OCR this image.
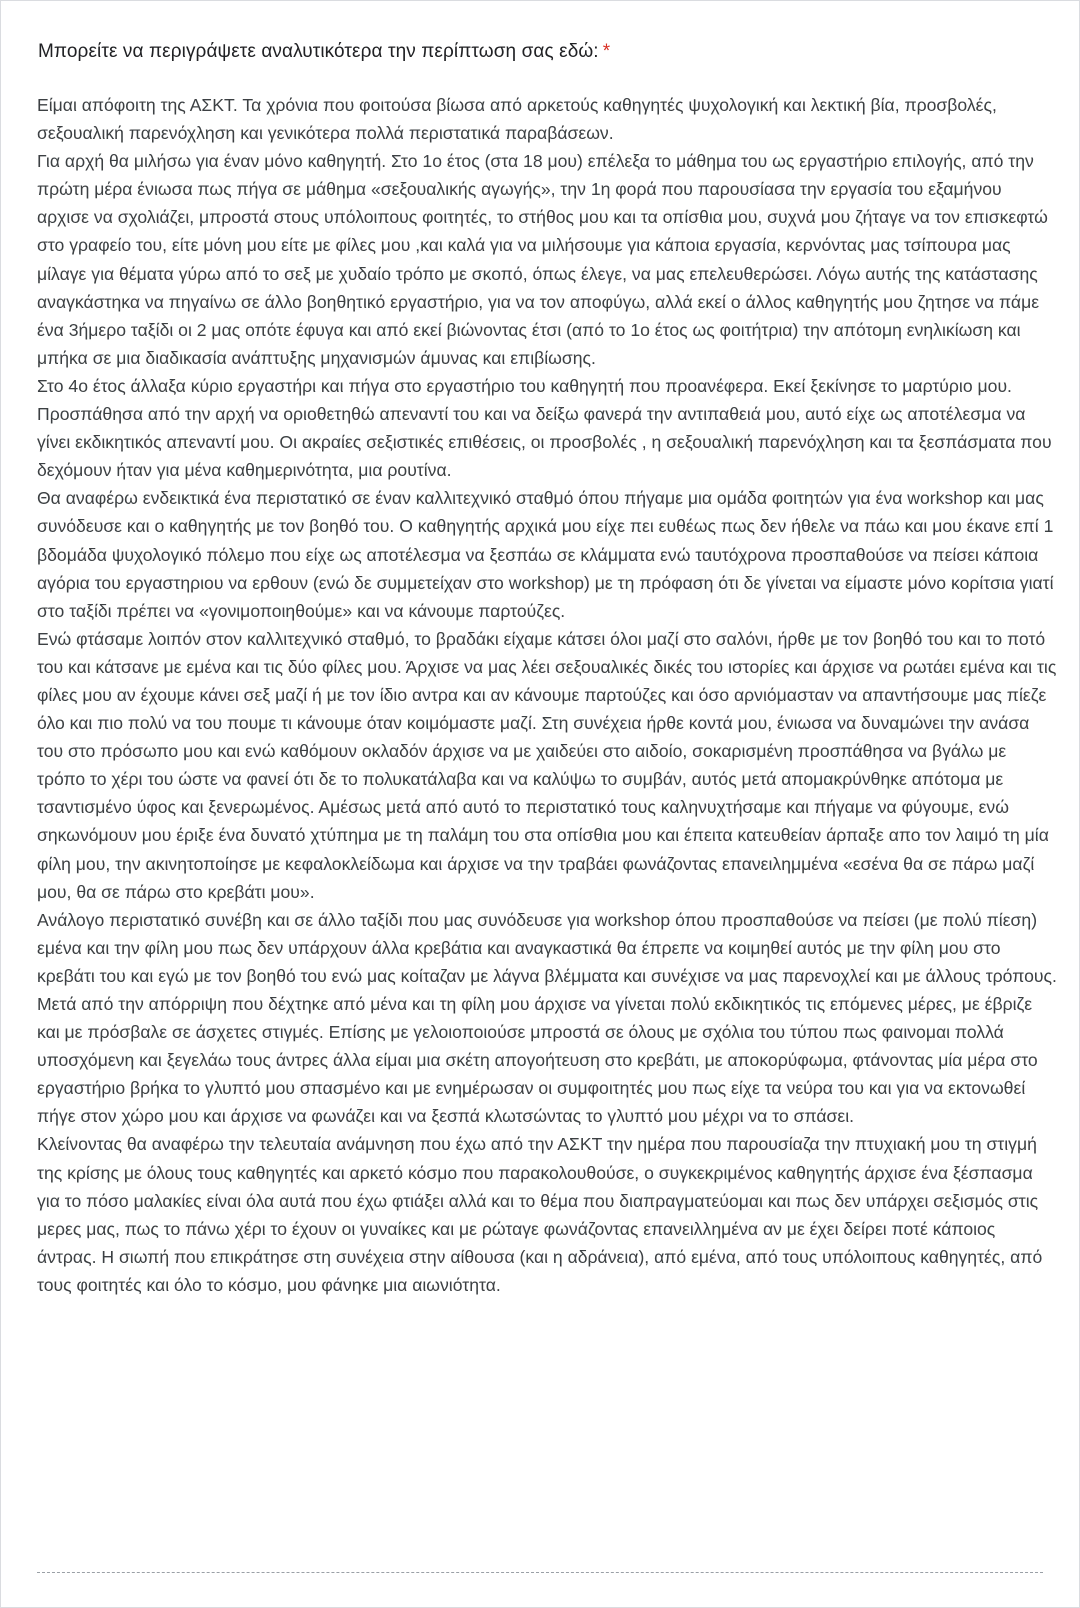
Μπορείτε να περιγράψετε αναλυτικότερα την περίπτωση σας εδώ: *

Είμαι απόφοιτη της ΑΣΚΤ. Τα χρόνια που φοιτούσα βίωσα από αρκετούς καθηγητές ψυχολογική και λεκτική βία, προσβολές, σεξουαλική παρενόχληση και γενικότερα πολλά περιστατικά παραβάσεων.

Για αρχή θα μιλήσω για έναν μόνο καθηγητή. Στο 1ο έτος (στα 18 μου) επέλεξα το μάθημα του ως εργαστήριο επιλογής, από την πρώτη μέρα ένιωσα πως πήγα σε μάθημα «σεξουαλικής αγωγής», την 1η φορά που παρουσίασα την εργασία του εξαμήνου αρχισε να σχολιάζει, μπροστά στους υπόλοιπους φοιτητές, το στήθος μου και τα οπίσθια μου, συχνά μου ζήταγε να τον επισκεφτώ στο γραφείο του, είτε μόνη μου είτε με φίλες μου ,και καλά για να μιλήσουμε για κάποια εργασία, κερνόντας μας τσίπουρα μας μίλαγε για θέματα γύρω από το σεξ με χυδαίο τρόπο με σκοπό, όπως έλεγε, να μας επελευθερώσει. Λόγω αυτής της κατάστασης αναγκάστηκα να πηγαίνω σε άλλο βοηθητικό εργαστήριο, για να τον αποφύγω, αλλά εκεί ο άλλος καθηγητής μου ζητησε να πάμε ένα 3ήμερο ταξίδι οι 2 μας οπότε έφυγα και από εκεί βιώνοντας έτσι (από το 1ο έτος ως φοιτήτρια) την απότομη ενηλικίωση και μπήκα σε μια διαδικασία ανάπτυξης μηχανισμών άμυνας και επιβίωσης.

Στο 4ο έτος άλλαξα κύριο εργαστήρι και πήγα στο εργαστήριο του καθηγητή που προανέφερα. Εκεί ξεκίνησε το μαρτύριο μου. Προσπάθησα από την αρχή να οριοθετηθώ απεναντί του και να δείξω φανερά την αντιπαθειά μου, αυτό είχε ως αποτέλεσμα να γίνει εκδικητικός απεναντί μου. Οι ακραίες σεξιστικές επιθέσεις, οι προσβολές , η σεξουαλική παρενόχληση και τα ξεσπάσματα που δεχόμουν ήταν για μένα καθημερινότητα, μια ρουτίνα.

Θα αναφέρω ενδεικτικά ένα περιστατικό σε έναν καλλιτεχνικό σταθμό όπου πήγαμε μια ομάδα φοιτητών για ένα workshop και μας συνόδευσε και ο καθηγητής με τον βοηθό του. Ο καθηγητής αρχικά μου είχε πει ευθέως πως δεν ήθελε να πάω και μου έκανε επί 1 βδομάδα ψυχολογικό πόλεμο που είχε ως αποτέλεσμα να ξεσπάω σε κλάμματα ενώ ταυτόχρονα προσπαθούσε να πείσει κάποια αγόρια του εργαστηριου να ερθουν (ενώ δε συμμετείχαν στο workshop) με τη πρόφαση ότι δε γίνεται να είμαστε μόνο κορίτσια γιατί στο ταξίδι πρέπει να «γονιμοποιηθούμε» και να κάνουμε παρτούζες.

Ενώ φτάσαμε λοιπόν στον καλλιτεχνικό σταθμό, το βραδάκι είχαμε κάτσει όλοι μαζί στο σαλόνι, ήρθε με τον βοηθό του και το ποτό του και κάτσανε με εμένα και τις δύο φίλες μου. Άρχισε να μας λέει σεξουαλικές δικές του ιστορίες και άρχισε να ρωτάει εμένα και τις φίλες μου αν έχουμε κάνει σεξ μαζί ή με τον ίδιο αντρα και αν κάνουμε παρτούζες και όσο αρνιόμασταν να απαντήσουμε μας πίεζε όλο και πιο πολύ να του πουμε τι κάνουμε όταν κοιμόμαστε μαζί. Στη συνέχεια ήρθε κοντά μου, ένιωσα να δυναμώνει την ανάσα του στο πρόσωπο μου και ενώ καθόμουν οκλαδόν άρχισε να με χαιδεύει στο αιδοίο, σοκαρισμένη προσπάθησα να βγάλω με τρόπο το χέρι του ώστε να φανεί ότι δε το πολυκατάλαβα και να καλύψω το συμβάν, αυτός μετά απομακρύνθηκε απότομα με τσαντισμένο ύφος και ξενερωμένος. Αμέσως μετά από αυτό το περιστατικό τους καληνυχτήσαμε και πήγαμε να φύγουμε, ενώ σηκωνόμουν μου έριξε ένα δυνατό χτύπημα με τη παλάμη του στα οπίσθια μου και έπειτα κατευθείαν άρπαξε απο τον λαιμό τη μία φίλη μου, την ακινητοποίησε με κεφαλοκλείδωμα και άρχισε να την τραβάει φωνάζοντας επανειλημμένα «εσένα θα σε πάρω μαζί μου, θα σε πάρω στο κρεβάτι μου».

Ανάλογο περιστατικό συνέβη και σε άλλο ταξίδι που μας συνόδευσε για workshop όπου προσπαθούσε να πείσει (με πολύ πίεση) εμένα και την φίλη μου πως δεν υπάρχουν άλλα κρεβάτια και αναγκαστικά θα έπρεπε να κοιμηθεί αυτός με την φίλη μου στο κρεβάτι του και εγώ με τον βοηθό του ενώ μας κοίταζαν με λάγνα βλέμματα και συνέχισε να μας παρενοχλεί και με άλλους τρόπους. Μετά από την απόρριψη που δέχτηκε από μένα και τη φίλη μου άρχισε να γίνεται πολύ εκδικητικός τις επόμενες μέρες, με έβριζε και με πρόσβαλε σε άσχετες στιγμές. Επίσης με γελοιοποιούσε μπροστά σε όλους με σχόλια του τύπου πως φαινομαι πολλά υποσχόμενη και ξεγελάω τους άντρες άλλα είμαι μια σκέτη απογοήτευση στο κρεβάτι, με αποκορύφωμα, φτάνοντας μία μέρα στο εργαστήριο βρήκα το γλυπτό μου σπασμένο και με ενημέρωσαν οι συμφοιτητές μου πως είχε τα νεύρα του και για να εκτονωθεί πήγε στον χώρο μου και άρχισε να φωνάζει και να ξεσπά κλωτσώντας το γλυπτό μου μέχρι να το σπάσει.

Κλείνοντας θα αναφέρω την τελευταία ανάμνηση που έχω από την ΑΣΚΤ την ημέρα που παρουσίαζα την πτυχιακή μου τη στιγμή της κρίσης με όλους τους καθηγητές και αρκετό κόσμο που παρακολουθούσε, ο συγκεκριμένος καθηγητής άρχισε ένα ξέσπασμα για το πόσο μαλακίες είναι όλα αυτά που έχω φτιάξει αλλά και το θέμα που διαπραγματεύομαι και πως δεν υπάρχει σεξισμός στις μερες μας, πως το πάνω χέρι το έχουν οι γυναίκες και με ρώταγε φωνάζοντας επανειλλημένα αν με έχει δείρει ποτέ κάποιος άντρας. Η σιωπή που επικράτησε στη συνέχεια στην αίθουσα (και η αδράνεια), από εμένα, από τους υπόλοιπους καθηγητές, από τους φοιτητές και όλο το κόσμο, μου φάνηκε μια αιωνιότητα.
